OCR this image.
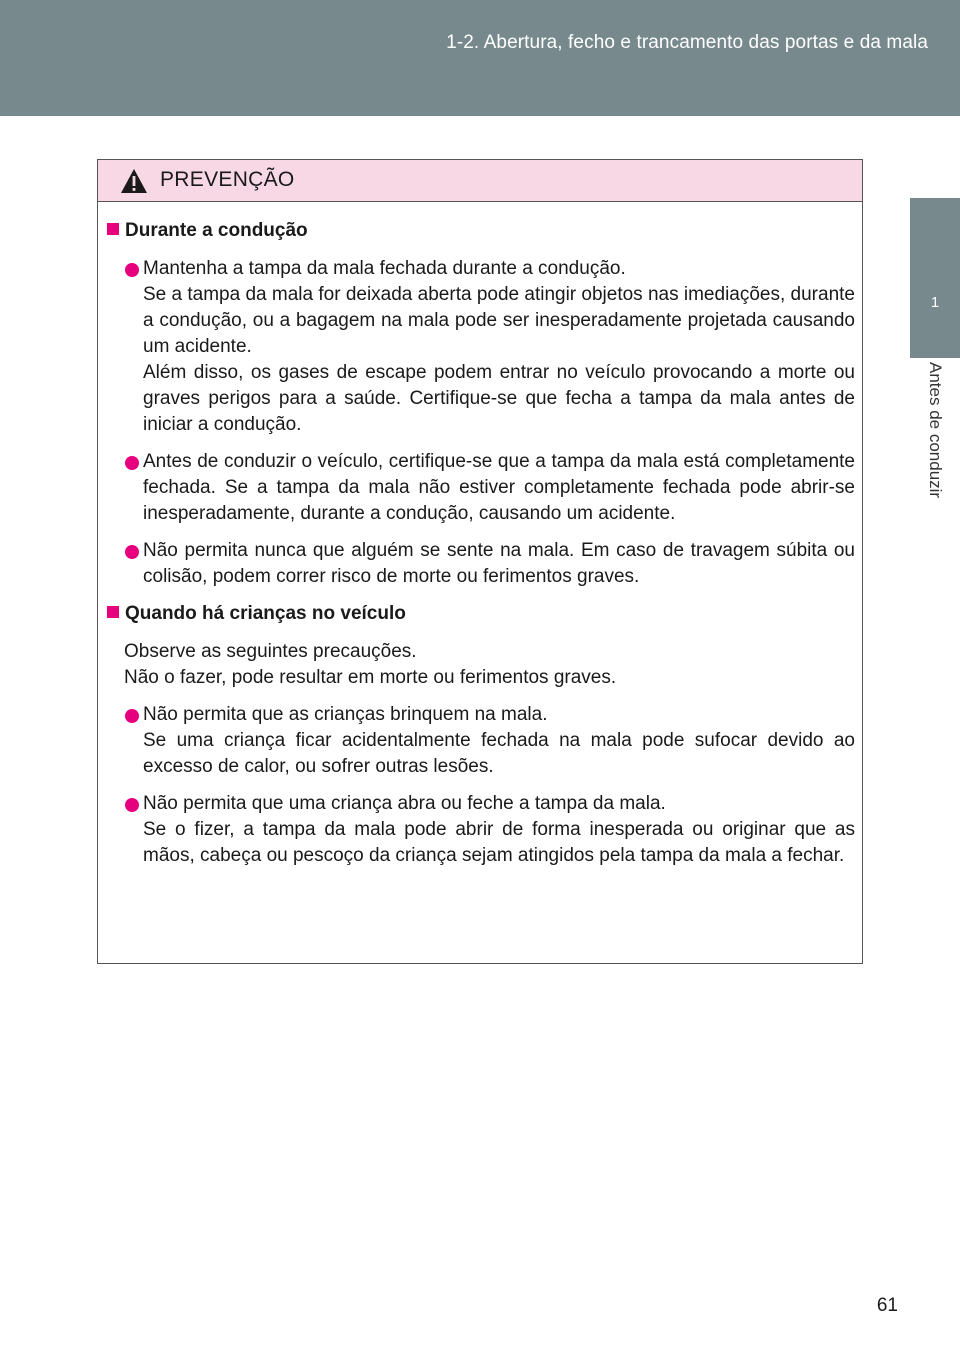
1-2. Abertura, fecho e trancamento das portas e da mala
1
Antes de conduzir
PREVENÇÃO
Durante a condução
Mantenha a tampa da mala fechada durante a condução.
Se a tampa da mala for deixada aberta pode atingir objetos nas imediações, durante a condução, ou a bagagem na mala pode ser inesperadamente projetada causando um acidente.
Além disso, os gases de escape podem entrar no veículo provocando a morte ou graves perigos para a saúde. Certifique-se que fecha a tampa da mala antes de iniciar a condução.
Antes de conduzir o veículo, certifique-se que a tampa da mala está completamente fechada. Se a tampa da mala não estiver completamente fechada pode abrir-se inesperadamente, durante a condução, causando um acidente.
Não permita nunca que alguém se sente na mala. Em caso de travagem súbita ou colisão, podem correr risco de morte ou ferimentos graves.
Quando há crianças no veículo
Observe as seguintes precauções.
Não o fazer, pode resultar em morte ou ferimentos graves.
Não permita que as crianças brinquem na mala.
Se uma criança ficar acidentalmente fechada na mala pode sufocar devido ao excesso de calor, ou sofrer outras lesões.
Não permita que uma criança abra ou feche a tampa da mala.
Se o fizer, a tampa da mala pode abrir de forma inesperada ou originar que as mãos, cabeça ou pescoço da criança sejam atingidos pela tampa da mala a fechar.
61
